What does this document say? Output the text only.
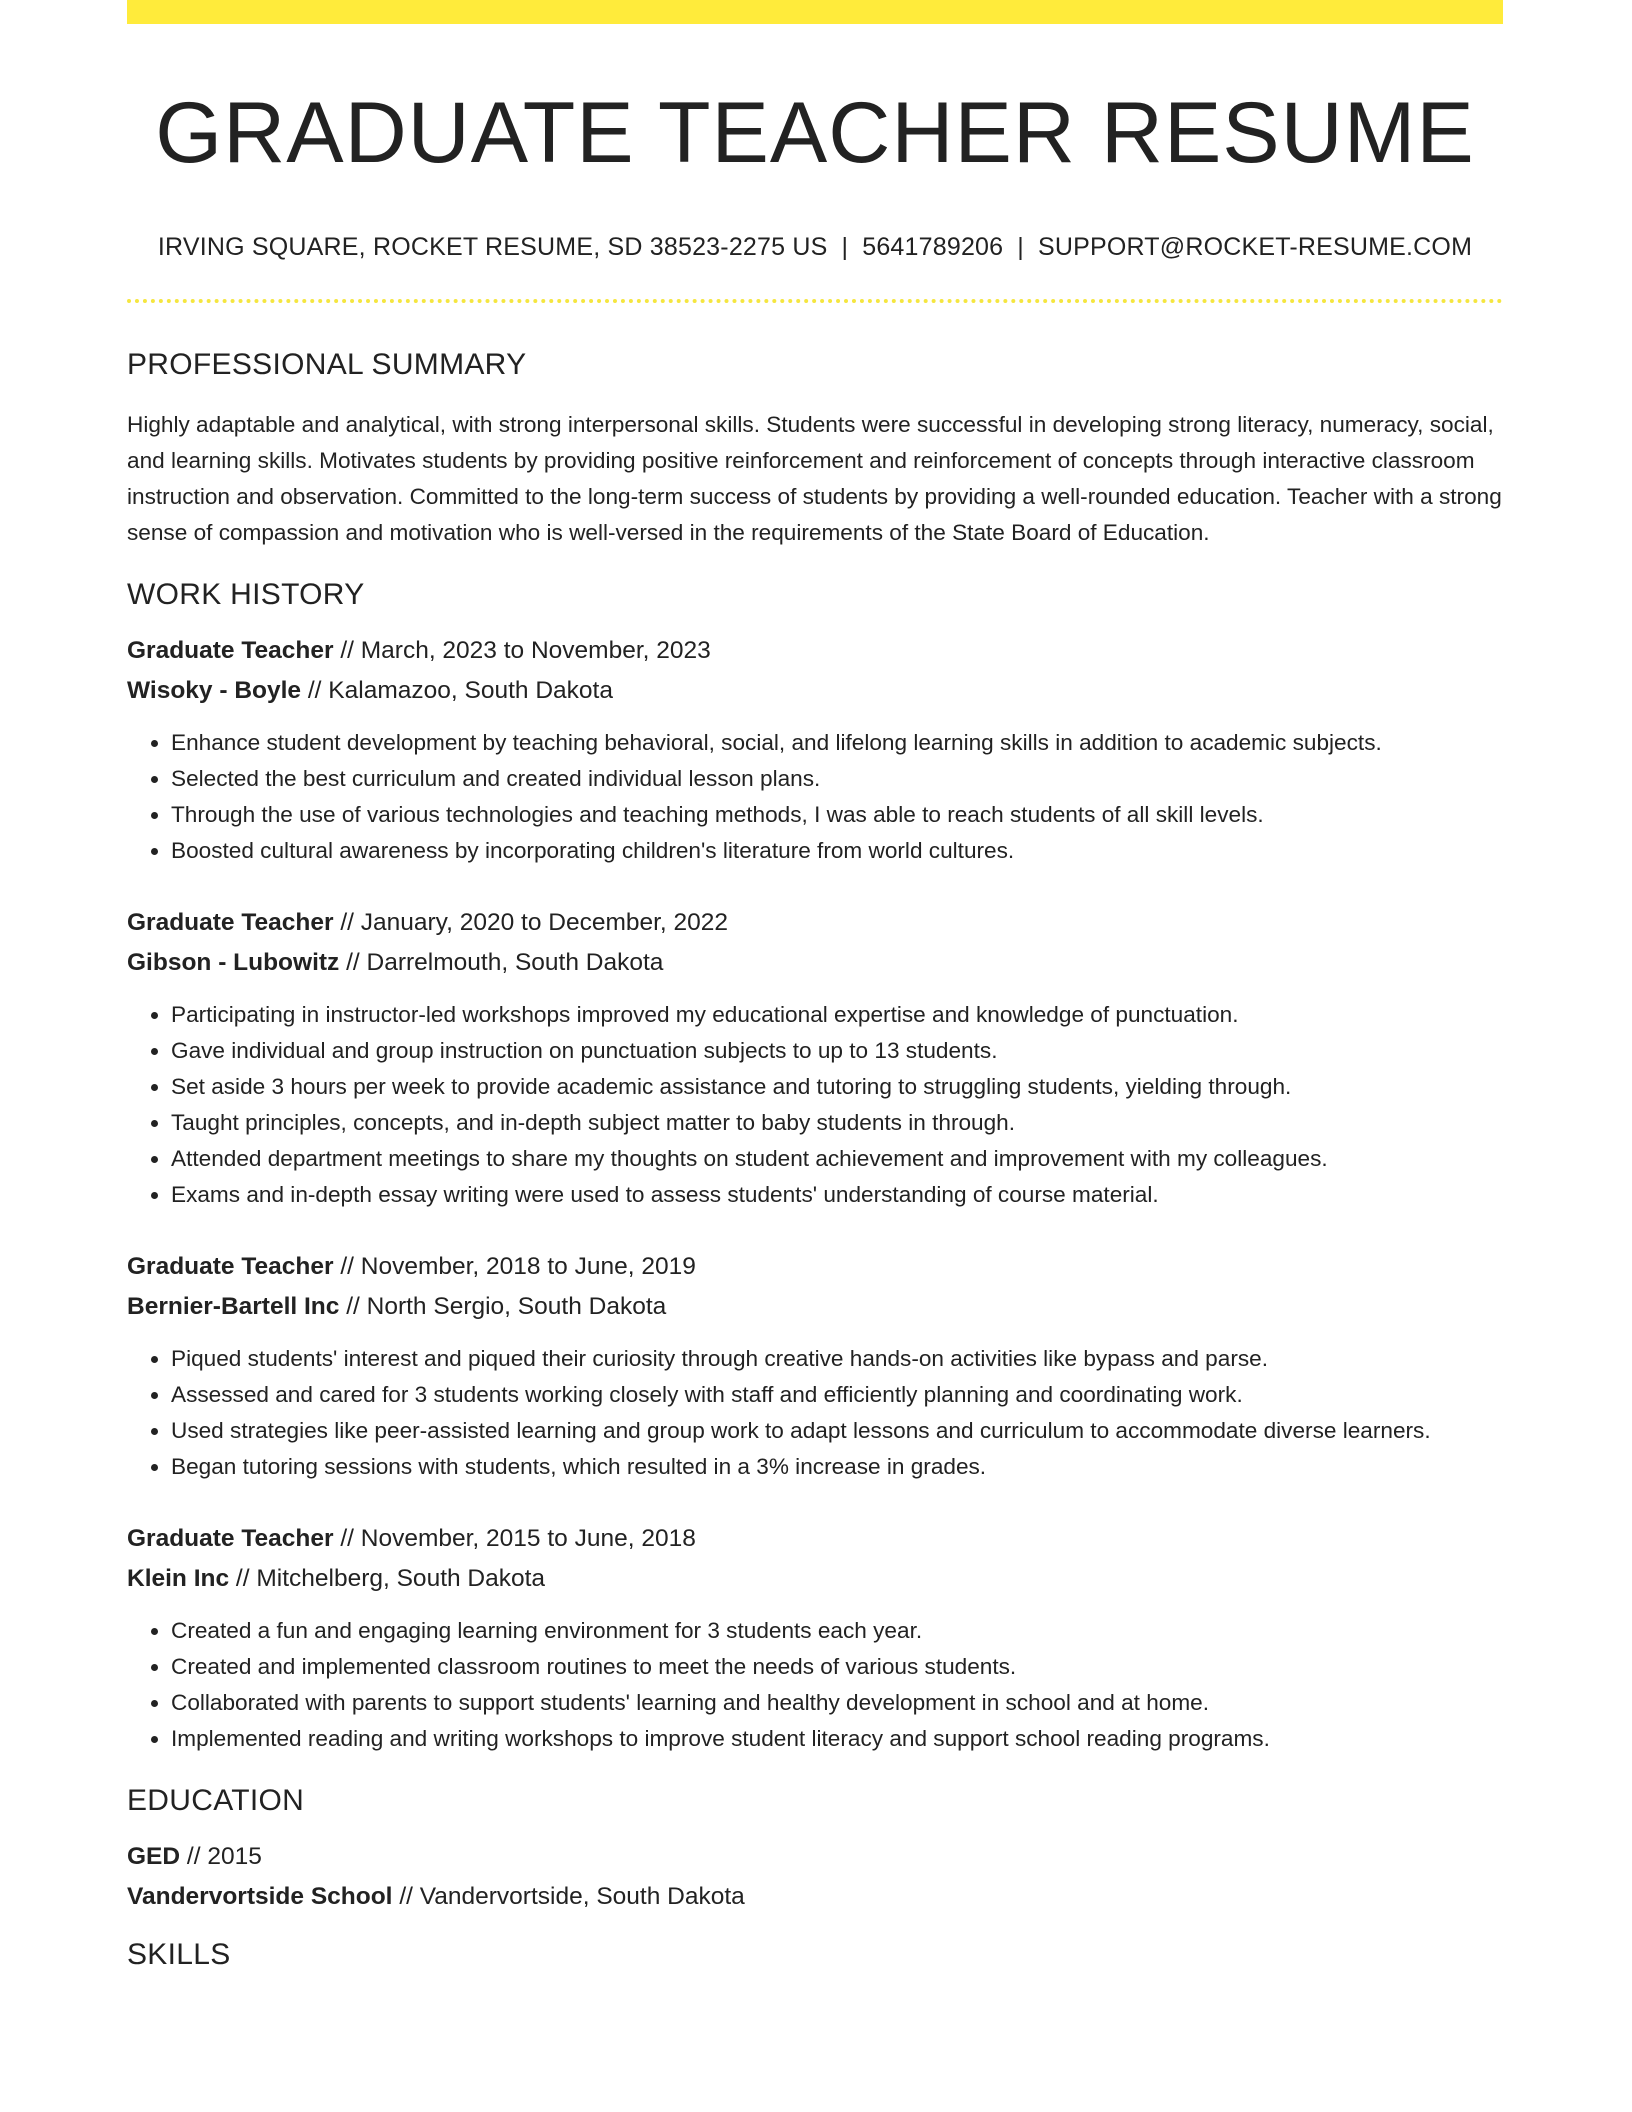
GRADUATE TEACHER RESUME
IRVING SQUARE, ROCKET RESUME, SD 38523-2275 US | 5641789206 | SUPPORT@ROCKET-RESUME.COM
PROFESSIONAL SUMMARY

Highly adaptable and analytical, with strong interpersonal skills. Students were successful in developing strong literacy, numeracy, social, and learning skills. Motivates students by providing positive reinforcement and reinforcement of concepts through interactive classroom instruction and observation. Committed to the long-term success of students by providing a well-rounded education. Teacher with a strong sense of compassion and motivation who is well-versed in the requirements of the State Board of Education.

WORK HISTORY
Graduate Teacher // March, 2023 to November, 2023
Wisoky - Boyle // Kalamazoo, South Dakota
• Enhance student development by teaching behavioral, social, and lifelong learning skills in addition to academic subjects.
• Selected the best curriculum and created individual lesson plans.
• Through the use of various technologies and teaching methods, I was able to reach students of all skill levels.
• Boosted cultural awareness by incorporating children's literature from world cultures.
Graduate Teacher // January, 2020 to December, 2022
Gibson - Lubowitz // Darrelmouth, South Dakota
• Participating in instructor-led workshops improved my educational expertise and knowledge of punctuation.
• Gave individual and group instruction on punctuation subjects to up to 13 students.
• Set aside 3 hours per week to provide academic assistance and tutoring to struggling students, yielding through.
• Taught principles, concepts, and in-depth subject matter to baby students in through.
• Attended department meetings to share my thoughts on student achievement and improvement with my colleagues.
• Exams and in-depth essay writing were used to assess students' understanding of course material.
Graduate Teacher // November, 2018 to June, 2019
Bernier-Bartell Inc // North Sergio, South Dakota
• Piqued students' interest and piqued their curiosity through creative hands-on activities like bypass and parse.
• Assessed and cared for 3 students working closely with staff and efficiently planning and coordinating work.
• Used strategies like peer-assisted learning and group work to adapt lessons and curriculum to accommodate diverse learners.
• Began tutoring sessions with students, which resulted in a 3% increase in grades.
Graduate Teacher // November, 2015 to June, 2018
Klein Inc // Mitchelberg, South Dakota
• Created a fun and engaging learning environment for 3 students each year.
• Created and implemented classroom routines to meet the needs of various students.
• Collaborated with parents to support students' learning and healthy development in school and at home.
• Implemented reading and writing workshops to improve student literacy and support school reading programs.
EDUCATION
GED // 2015
Vandervortside School // Vandervortside, South Dakota
SKILLS
